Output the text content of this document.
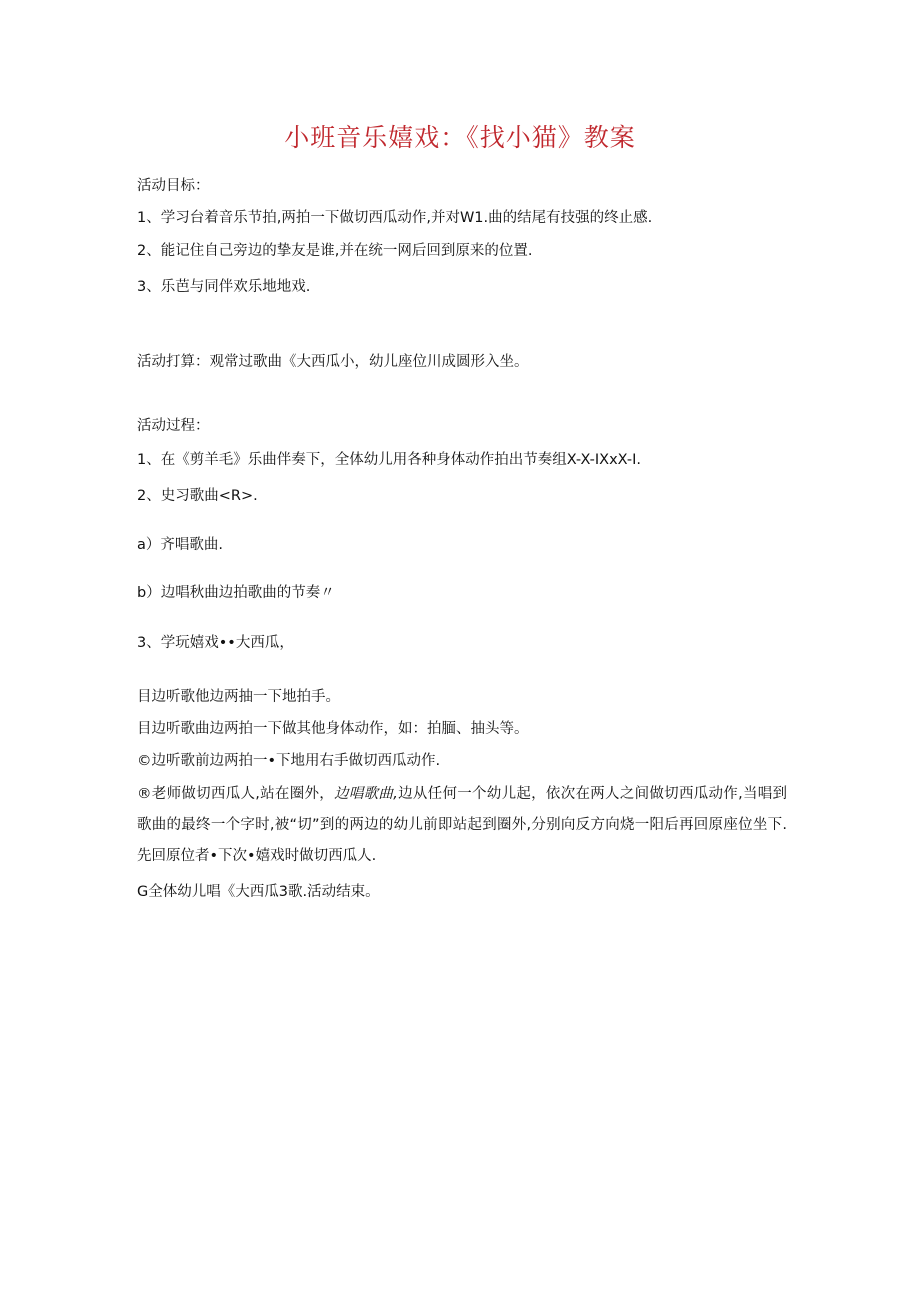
小班音乐嬉戏：《找小猫》教案
活动目标：
1、学习台着音乐节拍,两拍一下做切西瓜动作,并对W1.曲的结尾有技强的终止感.
2、能记住自己旁边的挚友是谁,并在统一网后回到原来的位置.
3、乐芭与同伴欢乐地地戏.
活动打算：观常过歌曲《大西瓜小，幼儿座位川成圆形入坐。
活动过程：
1、在《剪羊毛》乐曲伴奏下，全体幼儿用各种身体动作拍出节奏组X-X-IXxX-I.
2、史习歌曲<R>.
a）齐唱歌曲.
b）边唱秋曲边拍歌曲的节奏〃
3、学玩嬉戏••大西瓜，
目边听歌他边两抽一下地拍手。
目边听歌曲边两拍一下做其他身体动作，如：拍腼、抽头等。
©边听歌前边两拍一•下地用右手做切西瓜动作.
®老师做切西瓜人,站在圈外，边唱歌曲,边从任何一个幼儿起，依次在两人之间做切西瓜动作,当唱到歌曲的最终一个字时,被“切”到的两边的幼儿前即站起到圈外,分别向反方向烧一阳后再回原座位坐下.先回原位者•下次•嬉戏时做切西瓜人.
G全体幼儿唱《大西瓜3歌.活动结束。
